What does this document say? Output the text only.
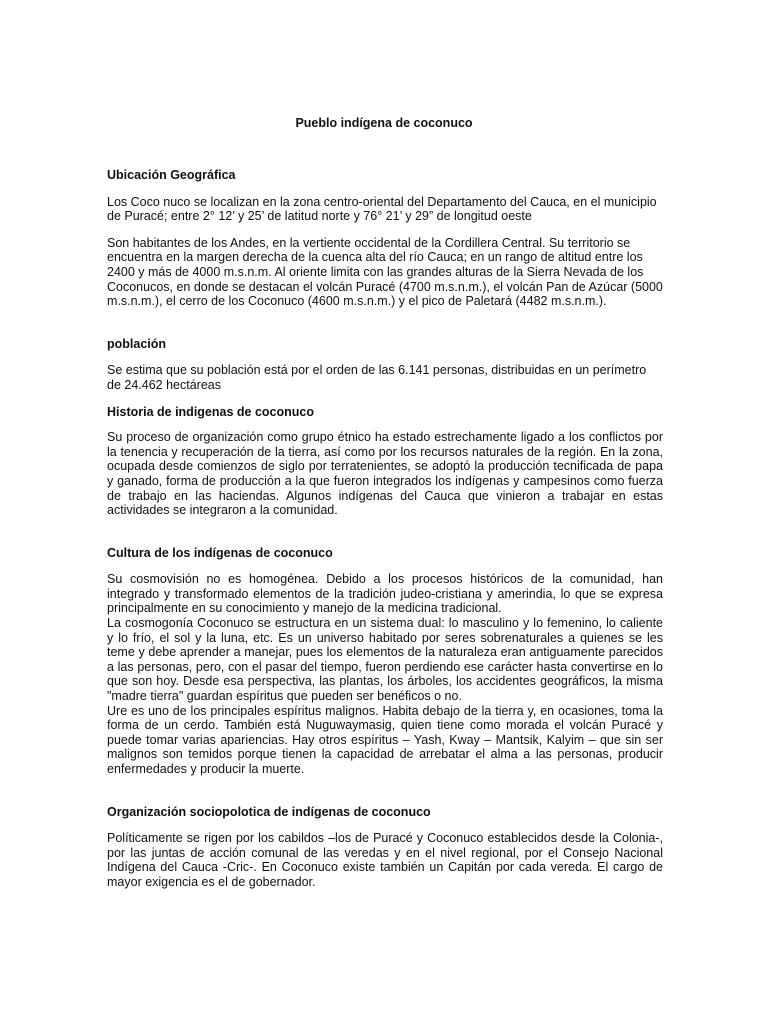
Pueblo indígena de coconuco
Ubicación Geográfica

Los Coco nuco se localizan en la zona centro-oriental del Departamento del Cauca, en el municipio de Puracé; entre 2° 12’ y 25’ de latitud norte y 76° 21’ y 29” de longitud oeste

Son habitantes de los Andes, en la vertiente occidental de la Cordillera Central. Su territorio se encuentra en la margen derecha de la cuenca alta del río Cauca; en un rango de altitud entre los 2400 y más de 4000 m.s.n.m. Al oriente limita con las grandes alturas de la Sierra Nevada de los Coconucos, en donde se destacan el volcán Puracé (4700 m.s.n.m.), el volcán Pan de Azúcar (5000 m.s.n.m.), el cerro de los Coconuco (4600 m.s.n.m.) y el pico de Paletará (4482 m.s.n.m.).

población

Se estima que su población está por el orden de las 6.141 personas, distribuidas en un perímetro de 24.462 hectáreas

Historia de indigenas de coconuco

Su proceso de organización como grupo étnico ha estado estrechamente ligado a los conflictos por la tenencia y recuperación de la tierra, así como por los recursos naturales de la región. En la zona, ocupada desde comienzos de siglo por terratenientes, se adoptó la producción tecnificada de papa y ganado, forma de producción a la que fueron integrados los indígenas y campesinos como fuerza de trabajo en las haciendas. Algunos indígenas del Cauca que vinieron a trabajar en estas actividades se integraron a la comunidad.

Cultura de los indígenas de coconuco

Su cosmovisión no es homogénea. Debido a los procesos históricos de la comunidad, han integrado y transformado elementos de la tradición judeo-cristiana y amerindia, lo que se expresa principalmente en su conocimiento y manejo de la medicina tradicional.

La cosmogonía Coconuco se estructura en un sistema dual: lo masculino y lo femenino, lo caliente y lo frío, el sol y la luna, etc. Es un universo habitado por seres sobrenaturales a quienes se les teme y debe aprender a manejar, pues los elementos de la naturaleza eran antiguamente parecidos a las personas, pero, con el pasar del tiempo, fueron perdiendo ese carácter hasta convertirse en lo que son hoy. Desde esa perspectiva, las plantas, los árboles, los accidentes geográficos, la misma "madre tierra" guardan espíritus que pueden ser benéficos o no.

Ure es uno de los principales espíritus malignos. Habita debajo de la tierra y, en ocasiones, toma la forma de un cerdo. También está Nuguwaymasig, quien tiene como morada el volcán Puracé y puede tomar varias apariencias. Hay otros espíritus – Yash, Kway – Mantsik, Kalyim – que sin ser malignos son temidos porque tienen la capacidad de arrebatar el alma a las personas, producir enfermedades y producir la muerte.

Organización sociopolotica de indígenas de coconuco

Políticamente se rigen por los cabildos –los de Puracé y Coconuco establecidos desde la Colonia-, por las juntas de acción comunal de las veredas y en el nivel regional, por el Consejo Nacional Indígena del Cauca -Cric-. En Coconuco existe también un Capitán por cada vereda. El cargo de mayor exigencia es el de gobernador.
